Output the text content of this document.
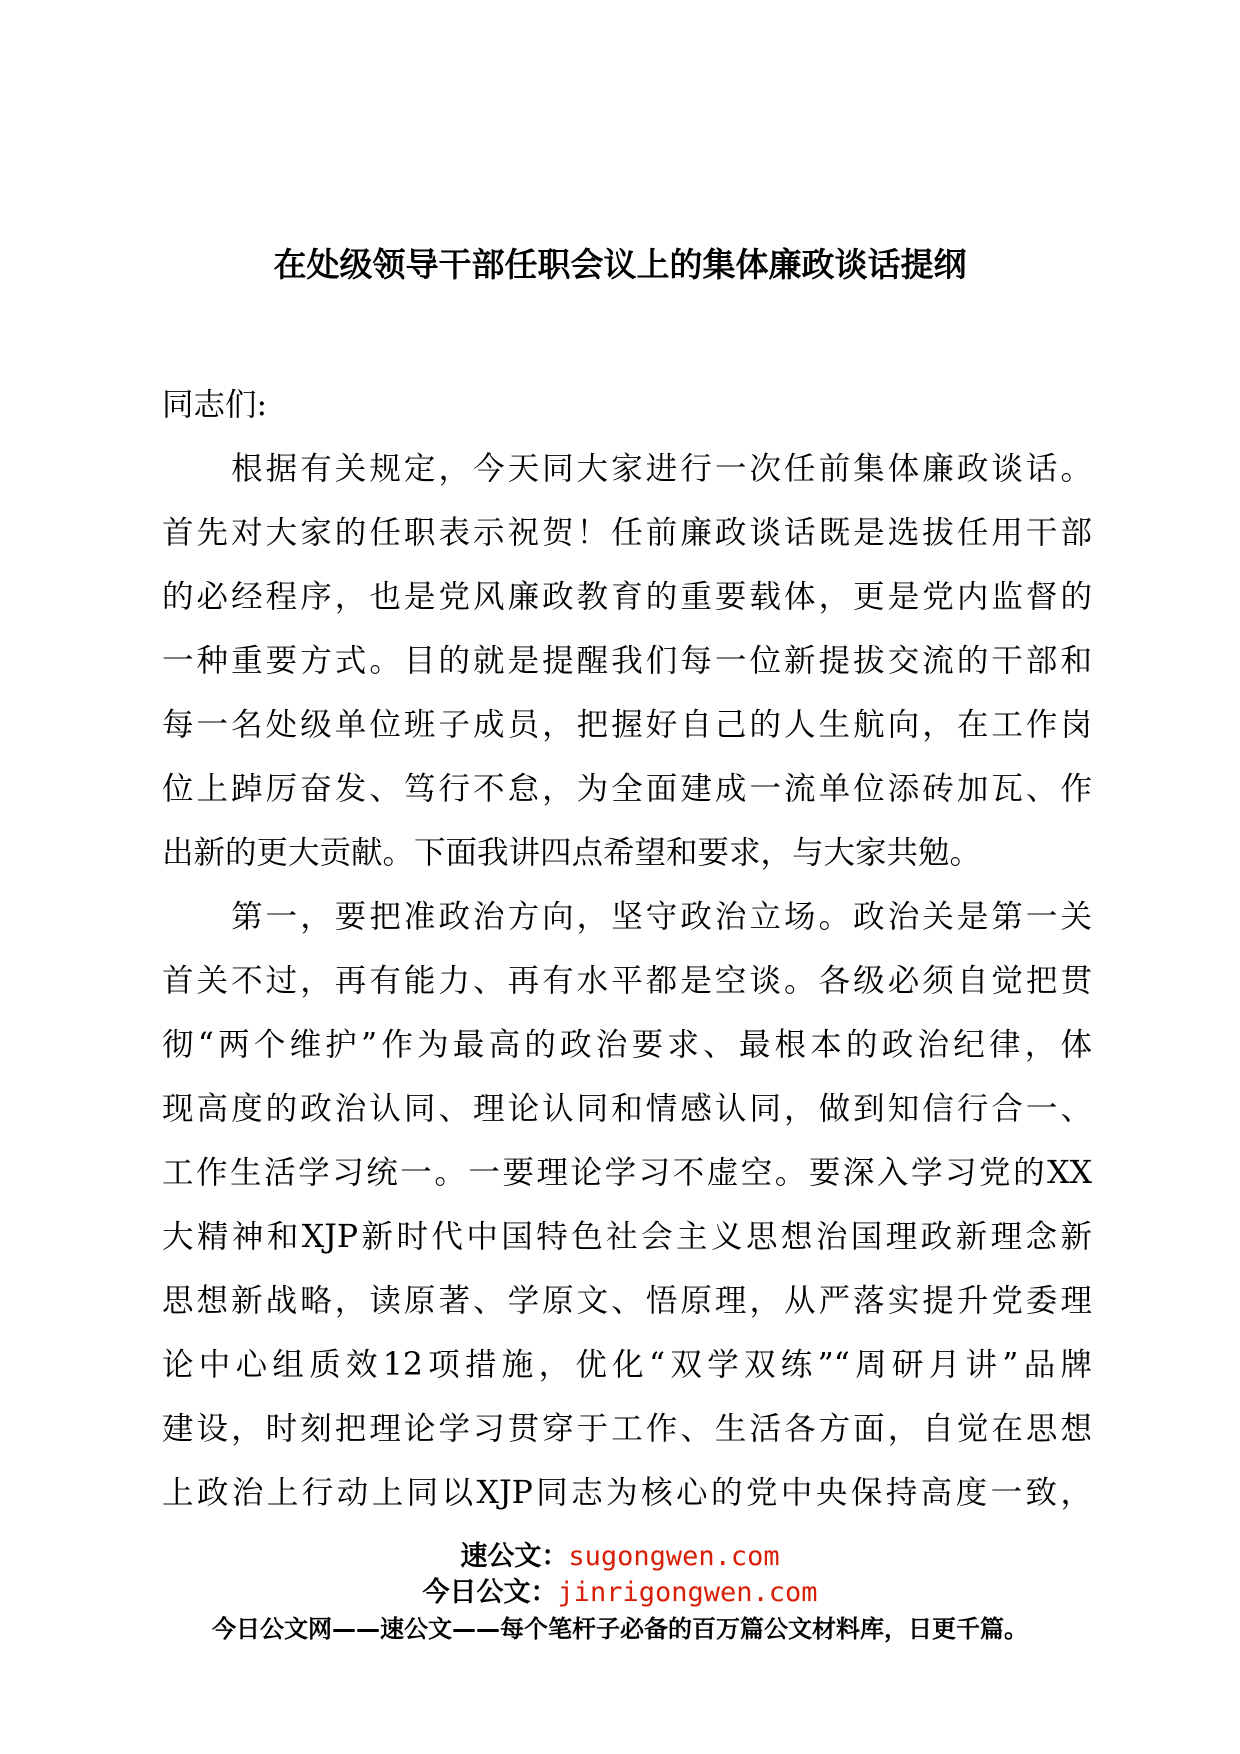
在处级领导干部任职会议上的集体廉政谈话提纲
同志们:
　　根据有关规定，今天同大家进行一次任前集体廉政谈话。
首先对大家的任职表示祝贺！任前廉政谈话既是选拔任用干部
的必经程序，也是党风廉政教育的重要载体，更是党内监督的
一种重要方式。目的就是提醒我们每一位新提拔交流的干部和
每一名处级单位班子成员，把握好自己的人生航向，在工作岗
位上踔厉奋发、笃行不怠，为全面建成一流单位添砖加瓦、作
出新的更大贡献。下面我讲四点希望和要求，与大家共勉。
　　第一，要把准政治方向，坚守政治立场。政治关是第一关
首关不过，再有能力、再有水平都是空谈。各级必须自觉把贯
彻“两个维护”作为最高的政治要求、最根本的政治纪律，体
现高度的政治认同、理论认同和情感认同，做到知信行合一、
工作生活学习统一。一要理论学习不虚空。要深入学习党的XX
大精神和XJP新时代中国特色社会主义思想治国理政新理念新
思想新战略，读原著、学原文、悟原理，从严落实提升党委理
论中心组质效12项措施，优化“双学双练”“周研月讲”品牌
建设，时刻把理论学习贯穿于工作、生活各方面，自觉在思想
上政治上行动上同以XJP同志为核心的党中央保持高度一致，
速公文：sugongwen.com
今日公文：jinrigongwen.com
今日公文网——速公文——每个笔杆子必备的百万篇公文材料库，日更千篇。
